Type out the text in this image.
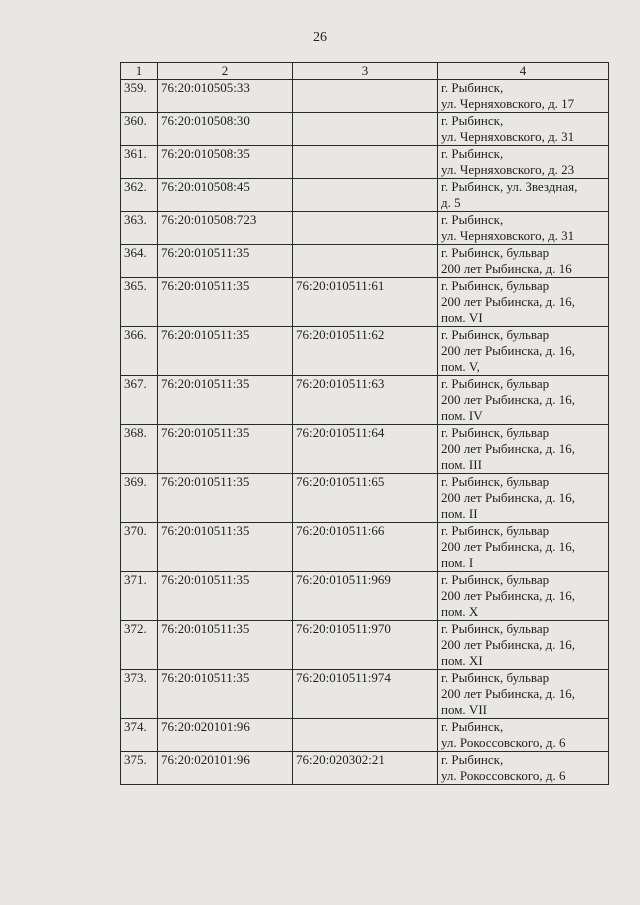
26
1	2	3	4
359.	76:20:010505:33		г. Рыбинск,
ул. Черняховского, д. 17

360.	76:20:010508:30		г. Рыбинск,
ул. Черняховского, д. 31

361.	76:20:010508:35		г. Рыбинск,
ул. Черняховского, д. 23

362.	76:20:010508:45		г. Рыбинск, ул. Звездная,
д. 5

363.	76:20:010508:723		г. Рыбинск,
ул. Черняховского, д. 31

364.	76:20:010511:35		г. Рыбинск, бульвар
200 лет Рыбинска, д. 16

365.	76:20:010511:35	76:20:010511:61	г. Рыбинск, бульвар
200 лет Рыбинска, д. 16,
пом. VI

366.	76:20:010511:35	76:20:010511:62	г. Рыбинск, бульвар
200 лет Рыбинска, д. 16,
пом. V,

367.	76:20:010511:35	76:20:010511:63	г. Рыбинск, бульвар
200 лет Рыбинска, д. 16,
пом. IV

368.	76:20:010511:35	76:20:010511:64	г. Рыбинск, бульвар
200 лет Рыбинска, д. 16,
пом. III

369.	76:20:010511:35	76:20:010511:65	г. Рыбинск, бульвар
200 лет Рыбинска, д. 16,
пом. II

370.	76:20:010511:35	76:20:010511:66	г. Рыбинск, бульвар
200 лет Рыбинска, д. 16,
пом. I

371.	76:20:010511:35	76:20:010511:969	г. Рыбинск, бульвар
200 лет Рыбинска, д. 16,
пом. X

372.	76:20:010511:35	76:20:010511:970	г. Рыбинск, бульвар
200 лет Рыбинска, д. 16,
пом. XI

373.	76:20:010511:35	76:20:010511:974	г. Рыбинск, бульвар
200 лет Рыбинска, д. 16,
пом. VII

374.	76:20:020101:96		г. Рыбинск,
ул. Рокоссовского, д. 6

375.	76:20:020101:96	76:20:020302:21	г. Рыбинск,
ул. Рокоссовского, д. 6
